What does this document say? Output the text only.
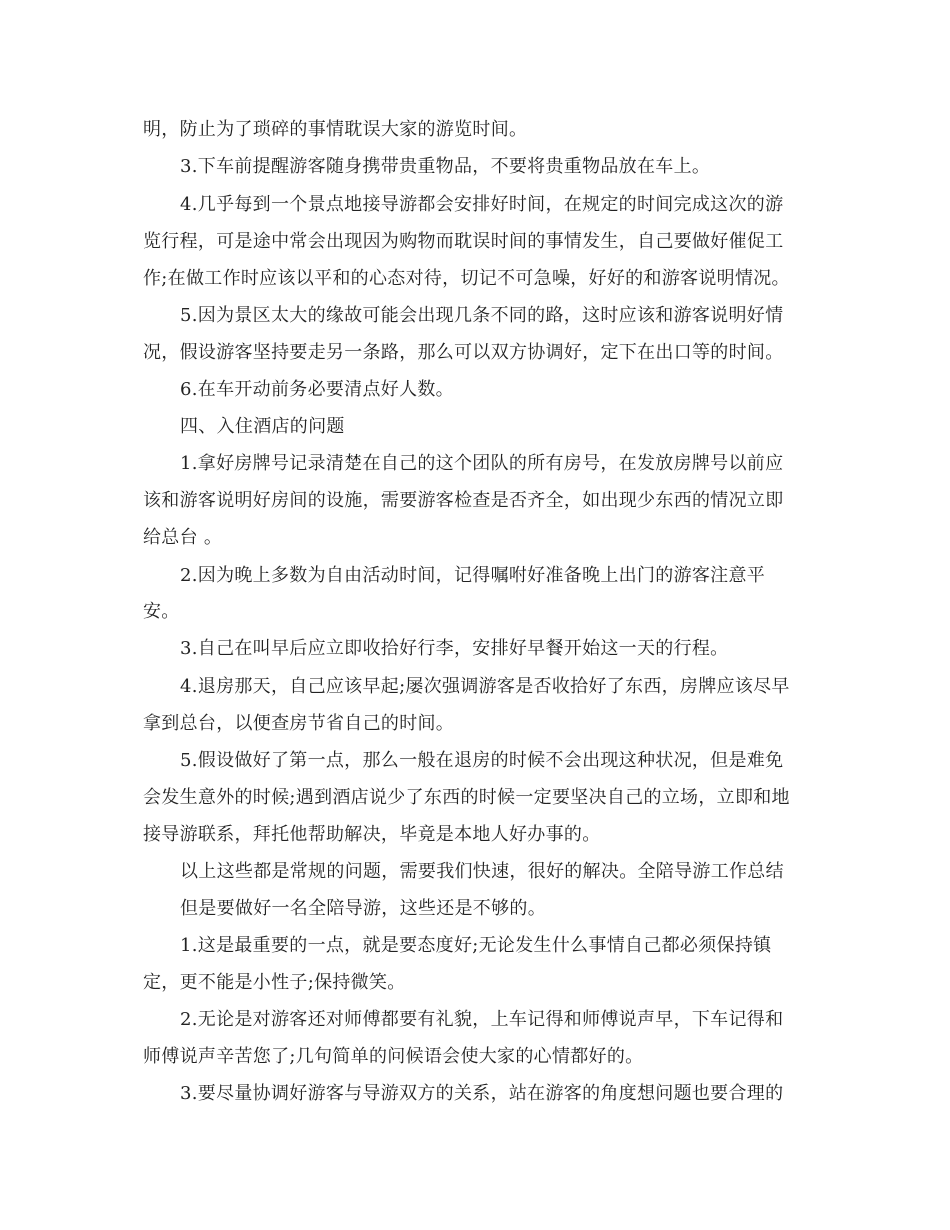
明，防止为了琐碎的事情耽误大家的游览时间。
3.下车前提醒游客随身携带贵重物品，不要将贵重物品放在车上。
4.几乎每到一个景点地接导游都会安排好时间，在规定的时间完成这次的游
览行程，可是途中常会出现因为购物而耽误时间的事情发生，自己要做好催促工
作;在做工作时应该以平和的心态对待，切记不可急噪，好好的和游客说明情况。
5.因为景区太大的缘故可能会出现几条不同的路，这时应该和游客说明好情
况，假设游客坚持要走另一条路，那么可以双方协调好，定下在出口等的时间。
6.在车开动前务必要清点好人数。
四、入住酒店的问题
1.拿好房牌号记录清楚在自己的这个团队的所有房号，在发放房牌号以前应
该和游客说明好房间的设施，需要游客检查是否齐全，如出现少东西的情况立即
给总台 。
2.因为晚上多数为自由活动时间，记得嘱咐好准备晚上出门的游客注意平
安。
3.自己在叫早后应立即收拾好行李，安排好早餐开始这一天的行程。
4.退房那天，自己应该早起;屡次强调游客是否收拾好了东西，房牌应该尽早
拿到总台，以便查房节省自己的时间。
5.假设做好了第一点，那么一般在退房的时候不会出现这种状况，但是难免
会发生意外的时候;遇到酒店说少了东西的时候一定要坚决自己的立场，立即和地
接导游联系，拜托他帮助解决，毕竟是本地人好办事的。
以上这些都是常规的问题，需要我们快速，很好的解决。全陪导游工作总结
但是要做好一名全陪导游，这些还是不够的。
1.这是最重要的一点，就是要态度好;无论发生什么事情自己都必须保持镇
定，更不能是小性子;保持微笑。
2.无论是对游客还对师傅都要有礼貌，上车记得和师傅说声早，下车记得和
师傅说声辛苦您了;几句简单的问候语会使大家的心情都好的。
3.要尽量协调好游客与导游双方的关系，站在游客的角度想问题也要合理的
